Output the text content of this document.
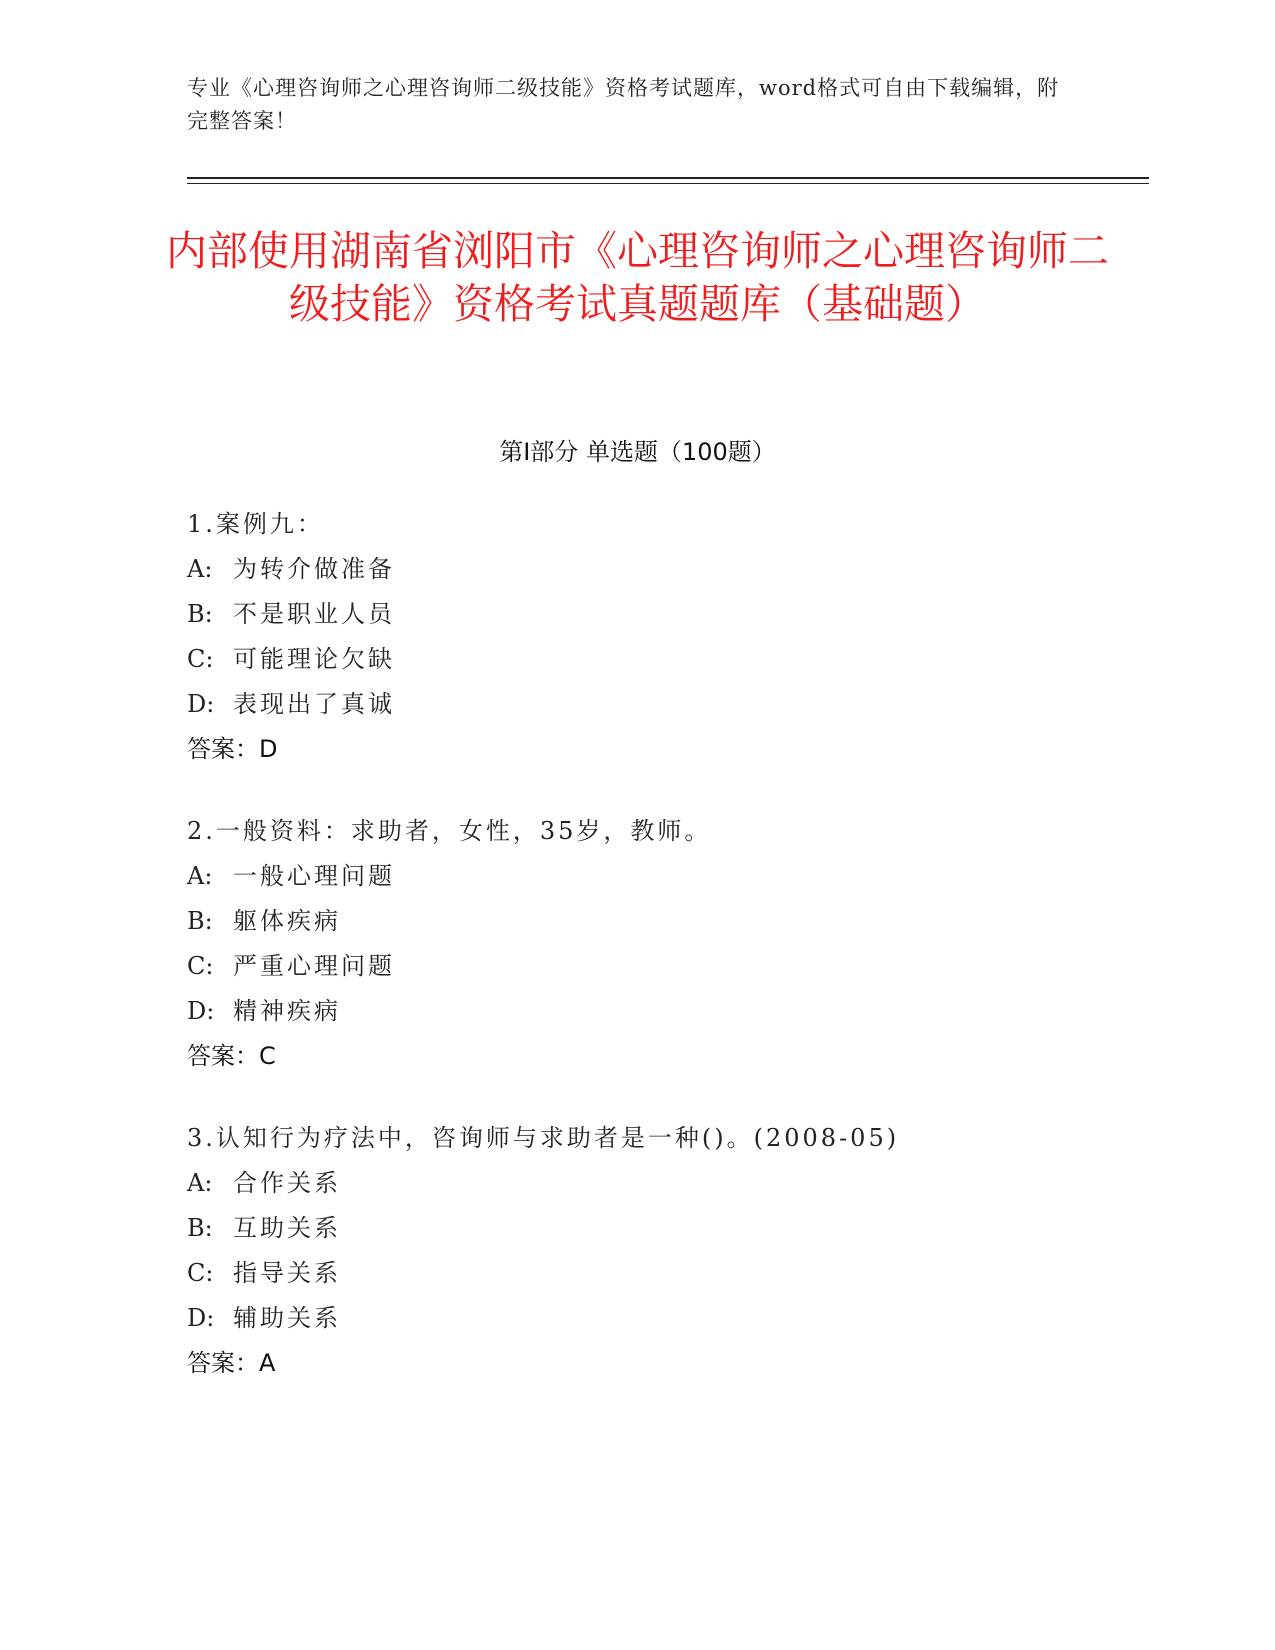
专业《心理咨询师之心理咨询师二级技能》资格考试题库，word格式可自由下载编辑，附完整答案！
内部使用湖南省浏阳市《心理咨询师之心理咨询师二级技能》资格考试真题题库（基础题）
第Ⅰ部分 单选题（100题）
1.案例九：
A: 为转介做准备
B: 不是职业人员
C: 可能理论欠缺
D: 表现出了真诚
答案：D
2.一般资料：求助者，女性，35岁，教师。
A: 一般心理问题
B: 躯体疾病
C: 严重心理问题
D: 精神疾病
答案：C
3.认知行为疗法中，咨询师与求助者是一种()。(2008-05)
A: 合作关系
B: 互助关系
C: 指导关系
D: 辅助关系
答案：A
